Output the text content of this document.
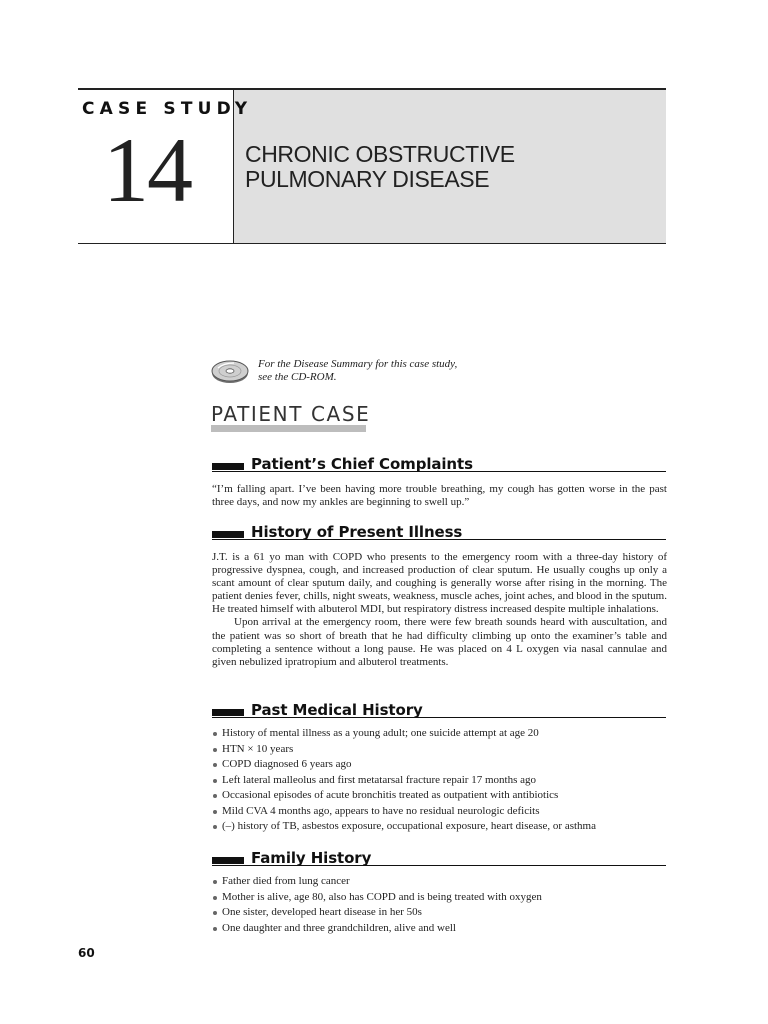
CASE STUDY
14 CHRONIC OBSTRUCTIVE
PULMONARY DISEASE
For the Disease Summary for this case study,
see the CD-ROM.
PATIENT CASE
Patient’s Chief Complaints
“I’m falling apart. I’ve been having more trouble breathing, my cough has gotten worse in the past three days, and now my ankles are beginning to swell up.”
History of Present Illness
J.T. is a 61 yo man with COPD who presents to the emergency room with a three-day history of progressive dyspnea, cough, and increased production of clear sputum. He usually coughs up only a scant amount of clear sputum daily, and coughing is generally worse after rising in the morning. The patient denies fever, chills, night sweats, weakness, muscle aches, joint aches, and blood in the sputum. He treated himself with albuterol MDI, but respiratory distress increased despite multiple inhalations.
Upon arrival at the emergency room, there were few breath sounds heard with auscultation, and the patient was so short of breath that he had difficulty climbing up onto the examiner’s table and completing a sentence without a long pause. He was placed on 4 L oxygen via nasal cannulae and given nebulized ipratropium and albuterol treatments.
Past Medical History
History of mental illness as a young adult; one suicide attempt at age 20
HTN × 10 years
COPD diagnosed 6 years ago
Left lateral malleolus and first metatarsal fracture repair 17 months ago
Occasional episodes of acute bronchitis treated as outpatient with antibiotics
Mild CVA 4 months ago, appears to have no residual neurologic deficits
(–) history of TB, asbestos exposure, occupational exposure, heart disease, or asthma
Family History
Father died from lung cancer
Mother is alive, age 80, also has COPD and is being treated with oxygen
One sister, developed heart disease in her 50s
One daughter and three grandchildren, alive and well
60
